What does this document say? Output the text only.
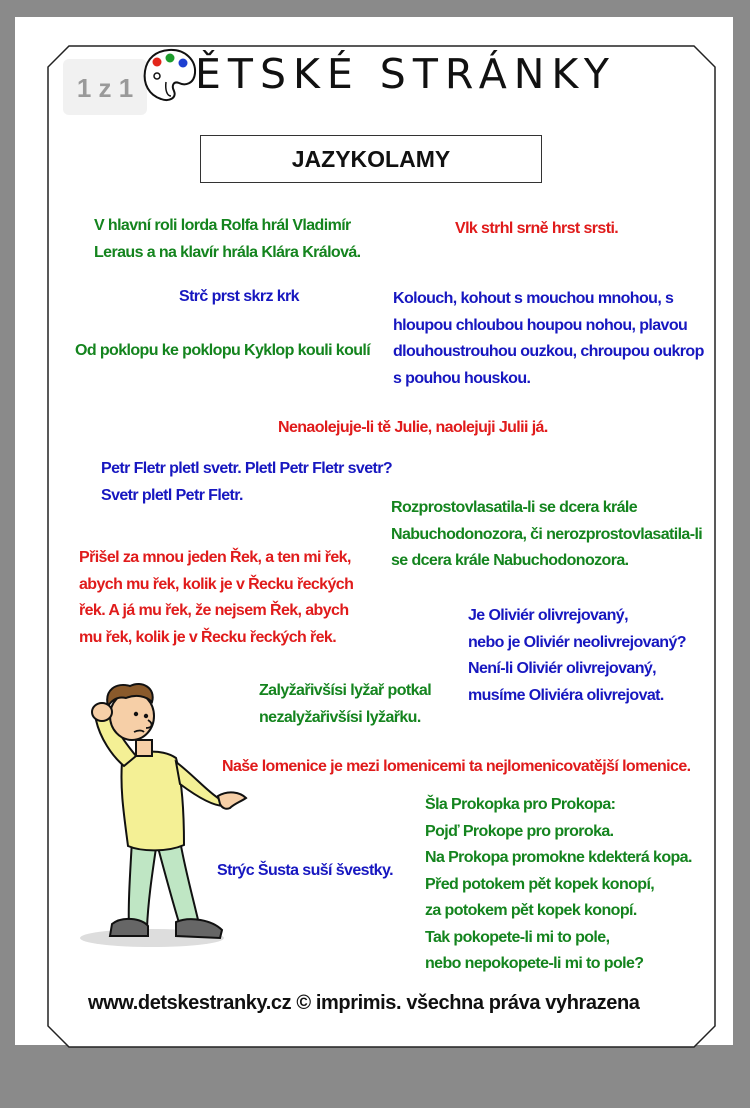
1 z 1	ĚTSKÉ STRÁNKY
JAZYKOLAMY
V hlavní roli lorda Rolfa hrál Vladimír
Leraus a na klavír hrála Klára Králová.
Vlk strhl srně hrst srsti.
Strč prst skrz krk	Kolouch, kohout s mouchou mnohou, s
hloupou chloubou houpou nohou, plavou
dlouhoustrouhou ouzkou, chroupou oukrop
s pouhou houskou.
Od poklopu ke poklopu Kyklop kouli koulí
Nenaolejuje-li tě Julie, naolejuji Julii já.
Petr Fletr pletl svetr. Pletl Petr Fletr svetr?
Svetr pletl Petr Fletr.
Rozprostovlasatila-li se dcera krále
Nabuchodonozora, či nerozprostovlasatila-li
se dcera krále Nabuchodonozora.
Přišel za mnou jeden Řek, a ten mi řek,
abych mu řek, kolik je v Řecku řeckých
řek. A já mu řek, že nejsem Řek, abych
mu řek, kolik je v Řecku řeckých řek.
Je Oliviér olivrejovaný,
nebo je Oliviér neolivrejovaný?
Není-li Oliviér olivrejovaný,
musíme Oliviéra olivrejovat.
Zalyžařivšísi lyžař potkal
nezalyžařivšísi lyžařku.
Naše lomenice je mezi lomenicemi ta nejlomenicovatější lomenice.
Šla Prokopka pro Prokopa:
Pojď Prokope pro proroka.
Na Prokopa promokne kdekterá kopa.
Před potokem pět kopek konopí,
za potokem pět kopek konopí.
Tak pokopete-li mi to pole,
nebo nepokopete-li mi to pole?
Strýc Šusta suší švestky.
www.detskestranky.cz © imprimis. všechna práva vyhrazena
